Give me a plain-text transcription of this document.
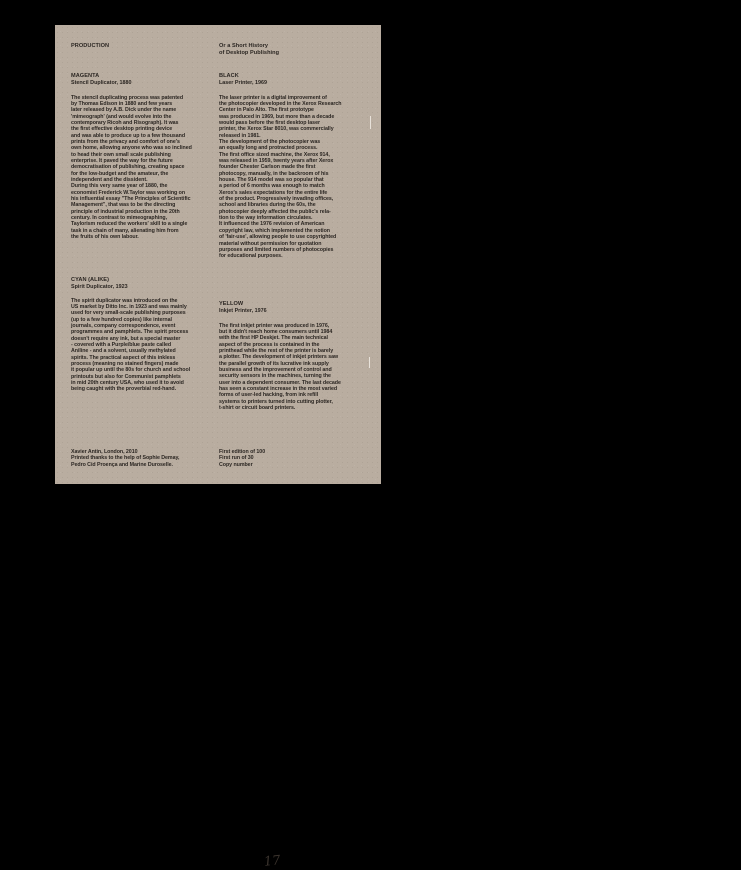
PRODUCTION

MAGENTA

Stencil Duplicator, 1880

The stencil duplicating process was patented
by Thomas Edison in 1880 and few years
later released by A.B. Dick under the name
'mimeograph' (and would evolve into the
contemporary Ricoh and Risograph). It was
the first effective desktop printing device
and was able to produce up to a few thousand
prints from the privacy and comfort of one's
own home, allowing anyone who was so inclined
to head their own small scale publishing
enterprise. It paved the way for the future
democratisation of publishing, creating space
for the low-budget and the amateur, the
independent and the dissident.
During this very same year of 1880, the
economist Frederick W.Taylor was working on
his influential essay "The Principles of Scientific
Management", that was to be the directing
principle of industrial production in the 20th
century. In contrast to mimeographing,
Taylorism reduced the workers' skill to a single
task in a chain of many, alienating him from
the fruits of his own labour.

CYAN (ALIKE)

Spirit Duplicator, 1923

The spirit duplicator was introduced on the
US market by Ditto Inc. in 1923 and was mainly
used for very small-scale publishing purposes
(up to a few hundred copies) like internal
journals, company correspondence, event
programmes and pamphlets. The spirit process
doesn't require any ink, but a special master
- covered with a Purple/blue paste called
Aniline - and a solvent, usually methylated
spirits. The practical aspect of this inkless
process (meaning no stained fingers) made
it popular up until the 80s for church and school
printouts but also for Communist pamphlets
in mid 20th century USA, who used it to avoid
being caught with the proverbial red-hand.

Xavier Antin, London, 2010
Printed thanks to the help of Sophie Demay,
Pedro Cid Proença and Marine Duroselle.

Or a Short History
of Desktop Publishing

BLACK

Laser Printer, 1969

The laser printer is a digital improvement of
the photocopier developed in the Xerox Research
Center in Palo Alto. The first prototype
was produced in 1969, but more than a decade
would pass before the first desktop laser
printer, the Xerox Star 8010, was commercially
released in 1981.
The development of the photocopier was
an equally long and protracted process.
The first office sized machine, the Xerox 914,
was released in 1959, twenty years after Xerox
founder Chester Carlson made the first
photocopy, manually, in the backroom of his
house. The 914 model was so popular that
a period of 6 months was enough to match
Xerox's sales expectations for the entire life
of the product. Progressively invading offices,
school and libraries during the 60s, the
photocopier deeply affected the public's rela-
tion to the way information circulates.
It influenced the 1976 revision of American
copyright law, which implemented the notion
of 'fair-use', allowing people to use copyrighted
material without permission for quotation
purposes and limited numbers of photocopies
for educational purposes.

YELLOW

Inkjet Printer, 1976

The first inkjet printer was produced in 1976,
but it didn't reach home consumers until 1984
with the first HP Deskjet. The main technical
aspect of the process is contained in the
printhead while the rest of the printer is barely
a plotter. The development of inkjet printers saw
the parallel growth of its lucrative ink supply
business and the improvement of control and
security sensors in the machines, turning the
user into a dependent consumer. The last decade
has seen a constant increase in the most varied
forms of user-led hacking, from ink refill
systems to printers turned into cutting plotter,
t-shirt or circuit board printers.

First edition of 100
First run of 30
Copy number

17
